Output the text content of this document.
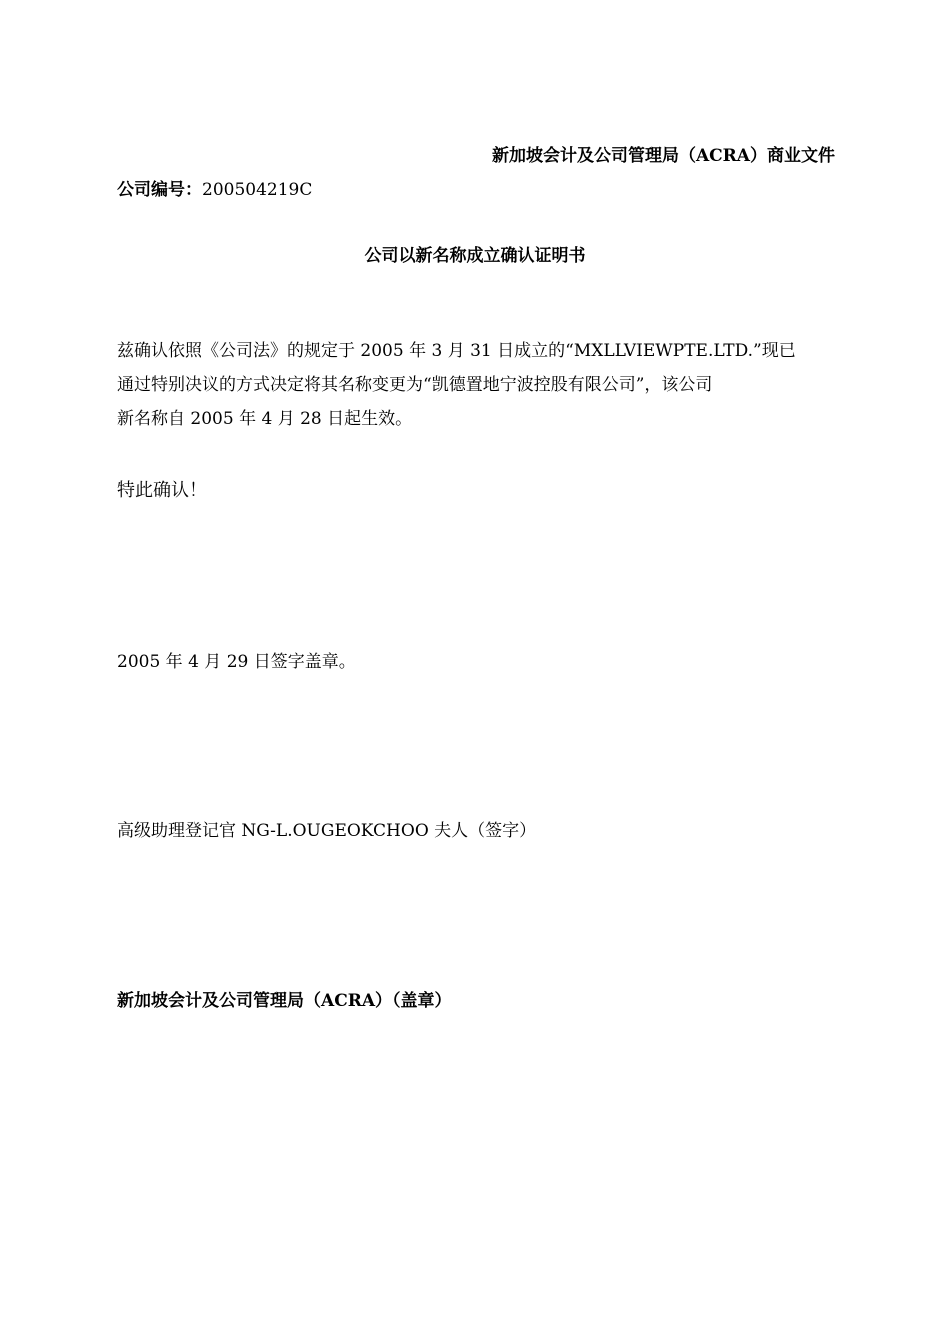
新加坡会计及公司管理局（ACRA）商业文件
公司编号：200504219C
公司以新名称成立确认证明书
兹确认依照《公司法》的规定于 2005 年 3 月 31 日成立的“MXLLVIEWPTE.LTD.”现已
通过特别决议的方式决定将其名称变更为“凯德置地宁波控股有限公司”，该公司
新名称自 2005 年 4 月 28 日起生效。
特此确认！
2005 年 4 月 29 日签字盖章。
高级助理登记官 NG-L.OUGEOKCHOO 夫人（签字）
新加坡会计及公司管理局（ACRA）（盖章）
